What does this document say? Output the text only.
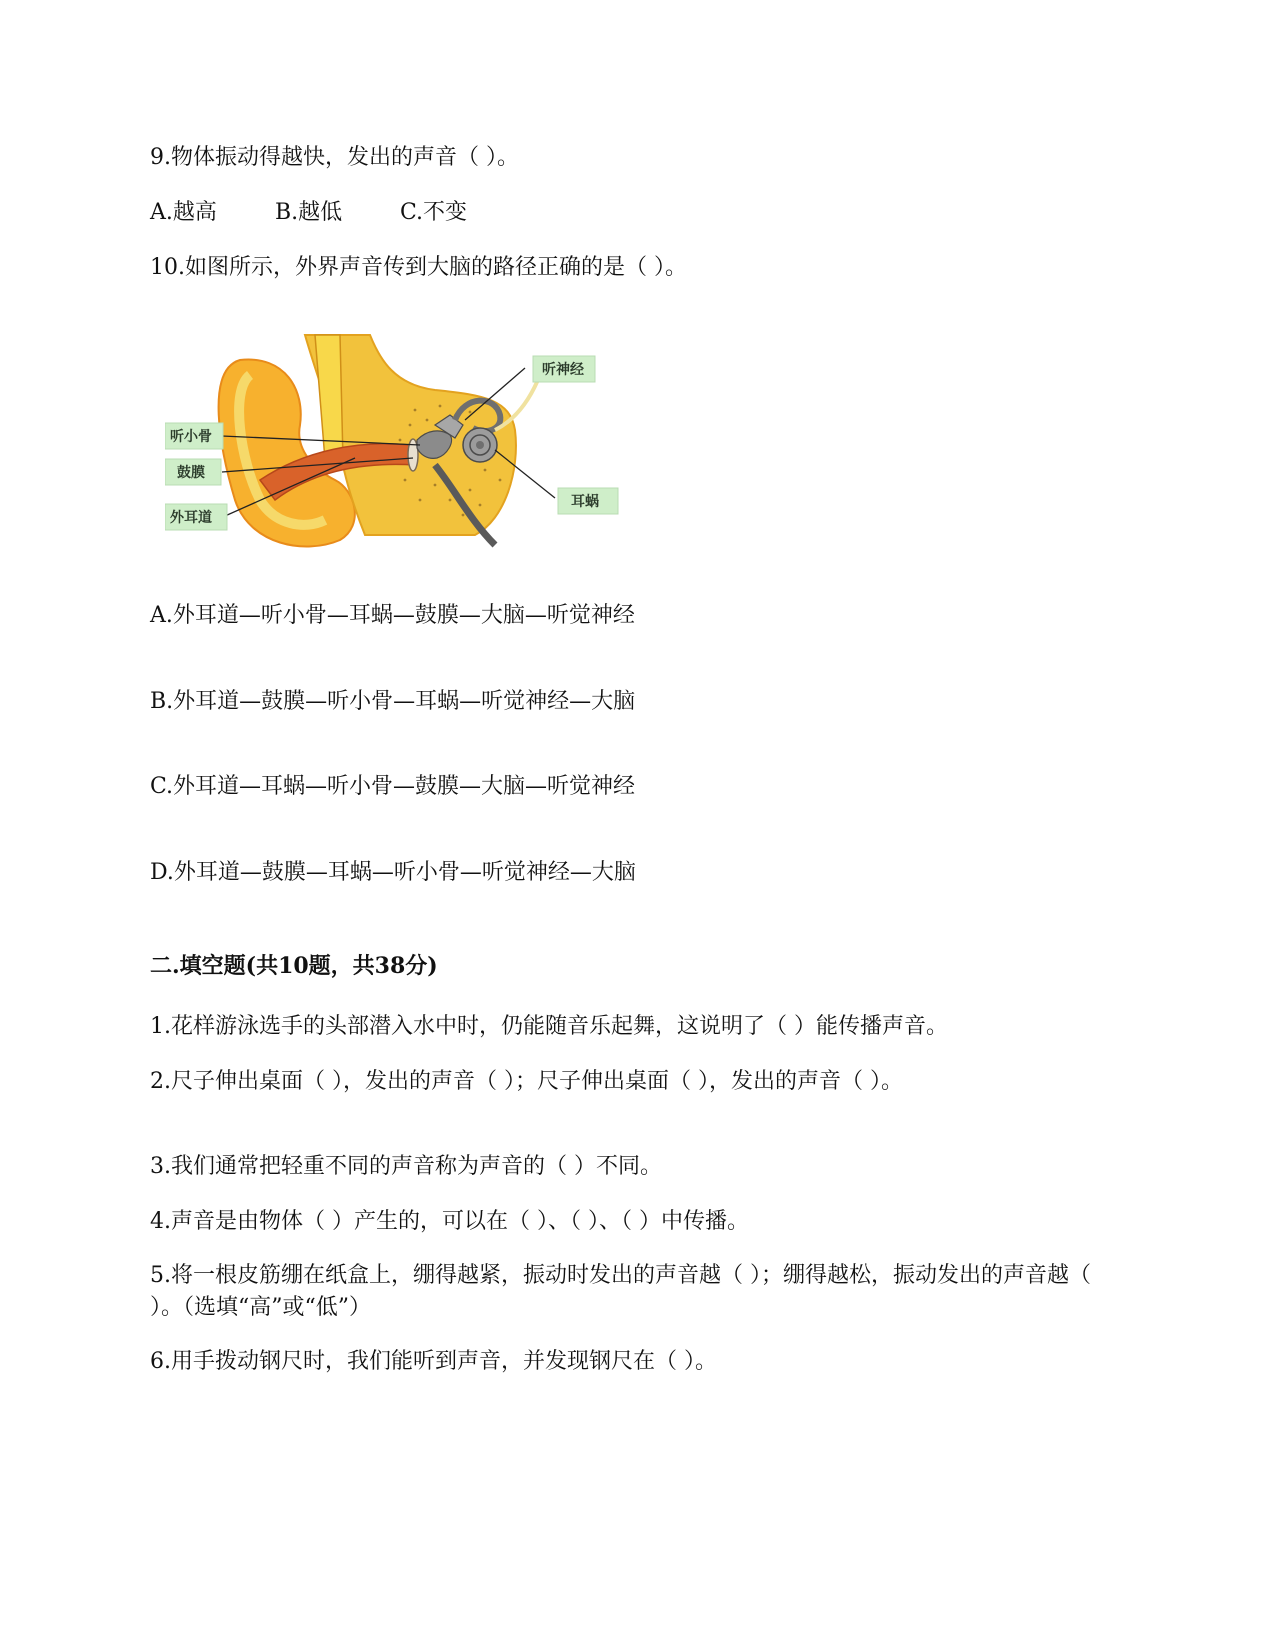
9.物体振动得越快，发出的声音（ ）。
A.越高	B.越低	C.不变
10.如图所示，外界声音传到大脑的路径正确的是（ ）。
听神经
听小骨
鼓膜
外耳道
耳蜗
A.外耳道—听小骨—耳蜗—鼓膜—大脑—听觉神经
B.外耳道—鼓膜—听小骨—耳蜗—听觉神经—大脑
C.外耳道—耳蜗—听小骨—鼓膜—大脑—听觉神经
D.外耳道—鼓膜—耳蜗—听小骨—听觉神经—大脑
二.填空题(共10题，共38分)
1.花样游泳选手的头部潜入水中时，仍能随音乐起舞，这说明了（ ）能传播声音。
2.尺子伸出桌面（ ），发出的声音（ ）；尺子伸出桌面（ ），发出的声音（ ）。
3.我们通常把轻重不同的声音称为声音的（ ）不同。
4.声音是由物体（ ）产生的，可以在（ ）、（ ）、（ ）中传播。
5.将一根皮筋绷在纸盒上，绷得越紧，振动时发出的声音越（ ）；绷得越松，振动发出的声音越（ ）。（选填“高”或“低”）
6.用手拨动钢尺时，我们能听到声音，并发现钢尺在（ ）。
